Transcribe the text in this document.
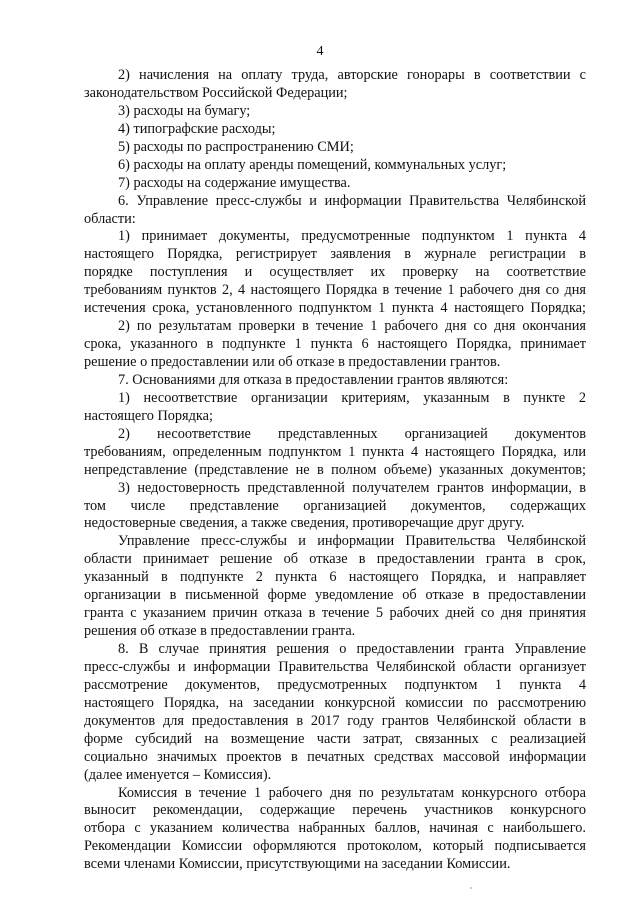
4
2) начисления на оплату труда, авторские гонорары в соответствии с
законодательством Российской Федерации;
3) расходы на бумагу;
4) типографские расходы;
5) расходы по распространению СМИ;
6) расходы на оплату аренды помещений, коммунальных услуг;
7) расходы на содержание имущества.
6. Управление пресс-службы и информации Правительства Челябинской
области:
1) принимает документы, предусмотренные подпунктом 1 пункта 4
настоящего Порядка, регистрирует заявления в журнале регистрации в
порядке поступления и осуществляет их проверку на соответствие
требованиям пунктов 2, 4 настоящего Порядка в течение 1 рабочего дня со дня
истечения срока, установленного подпунктом 1 пункта 4 настоящего Порядка;
2) по результатам проверки в течение 1 рабочего дня со дня окончания
срока, указанного в подпункте 1 пункта 6 настоящего Порядка, принимает
решение о предоставлении или об отказе в предоставлении грантов.
7. Основаниями для отказа в предоставлении грантов являются:
1) несоответствие организации критериям, указанным в пункте 2
настоящего Порядка;
2) несоответствие представленных организацией документов
требованиям, определенным подпунктом 1 пункта 4 настоящего Порядка, или
непредставление (представление не в полном объеме) указанных документов;
3) недостоверность представленной получателем грантов информации, в
том числе представление организацией документов, содержащих
недостоверные сведения, а также сведения, противоречащие друг другу.
Управление пресс-службы и информации Правительства Челябинской
области принимает решение об отказе в предоставлении гранта в срок,
указанный в подпункте 2 пункта 6 настоящего Порядка, и направляет
организации в письменной форме уведомление об отказе в предоставлении
гранта с указанием причин отказа в течение 5 рабочих дней со дня принятия
решения об отказе в предоставлении гранта.
8. В случае принятия решения о предоставлении гранта Управление
пресс-службы и информации Правительства Челябинской области организует
рассмотрение документов, предусмотренных подпунктом 1 пункта 4
настоящего Порядка, на заседании конкурсной комиссии по рассмотрению
документов для предоставления в 2017 году грантов Челябинской области в
форме субсидий на возмещение части затрат, связанных с реализацией
социально значимых проектов в печатных средствах массовой информации
(далее именуется – Комиссия).
Комиссия в течение 1 рабочего дня по результатам конкурсного отбора
выносит рекомендации, содержащие перечень участников конкурсного
отбора с указанием количества набранных баллов, начиная с наибольшего.
Рекомендации Комиссии оформляются протоколом, который подписывается
всеми членами Комиссии, присутствующими на заседании Комиссии.
